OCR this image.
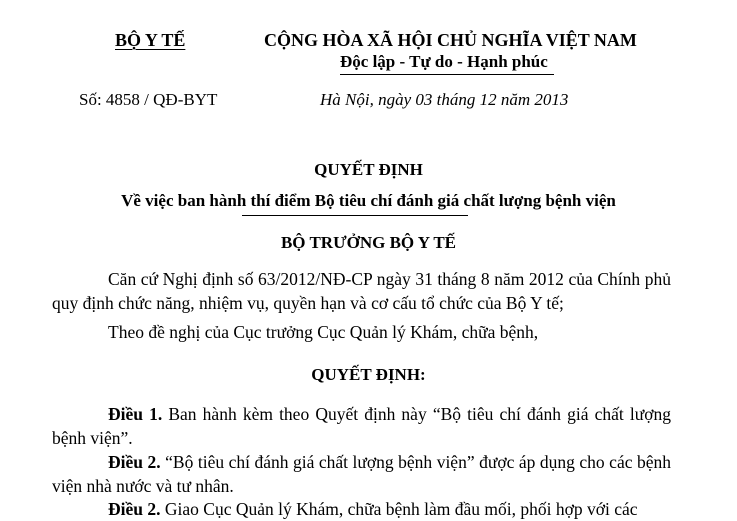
BỘ Y TẾ	CỘNG HÒA XÃ HỘI CHỦ NGHĨA VIỆT NAM
Độc lập - Tự do - Hạnh phúc
Số: 4858 / QĐ-BYT	Hà Nội, ngày 03 tháng 12 năm 2013
QUYẾT ĐỊNH
Về việc ban hành thí điểm Bộ tiêu chí đánh giá chất lượng bệnh viện
BỘ TRƯỞNG BỘ Y TẾ
Căn cứ Nghị định số 63/2012/NĐ-CP ngày 31 tháng 8 năm 2012 của Chính phủ quy định chức năng, nhiệm vụ, quyền hạn và cơ cấu tổ chức của Bộ Y tế;
Theo đề nghị của Cục trưởng Cục Quản lý Khám, chữa bệnh,
QUYẾT ĐỊNH:
Điều 1. Ban hành kèm theo Quyết định này “Bộ tiêu chí đánh giá chất lượng bệnh viện”.
Điều 2. “Bộ tiêu chí đánh giá chất lượng bệnh viện” được áp dụng cho các bệnh viện nhà nước và tư nhân.
Điều 2. Giao Cục Quản lý Khám, chữa bệnh làm đầu mối, phối hợp với các
